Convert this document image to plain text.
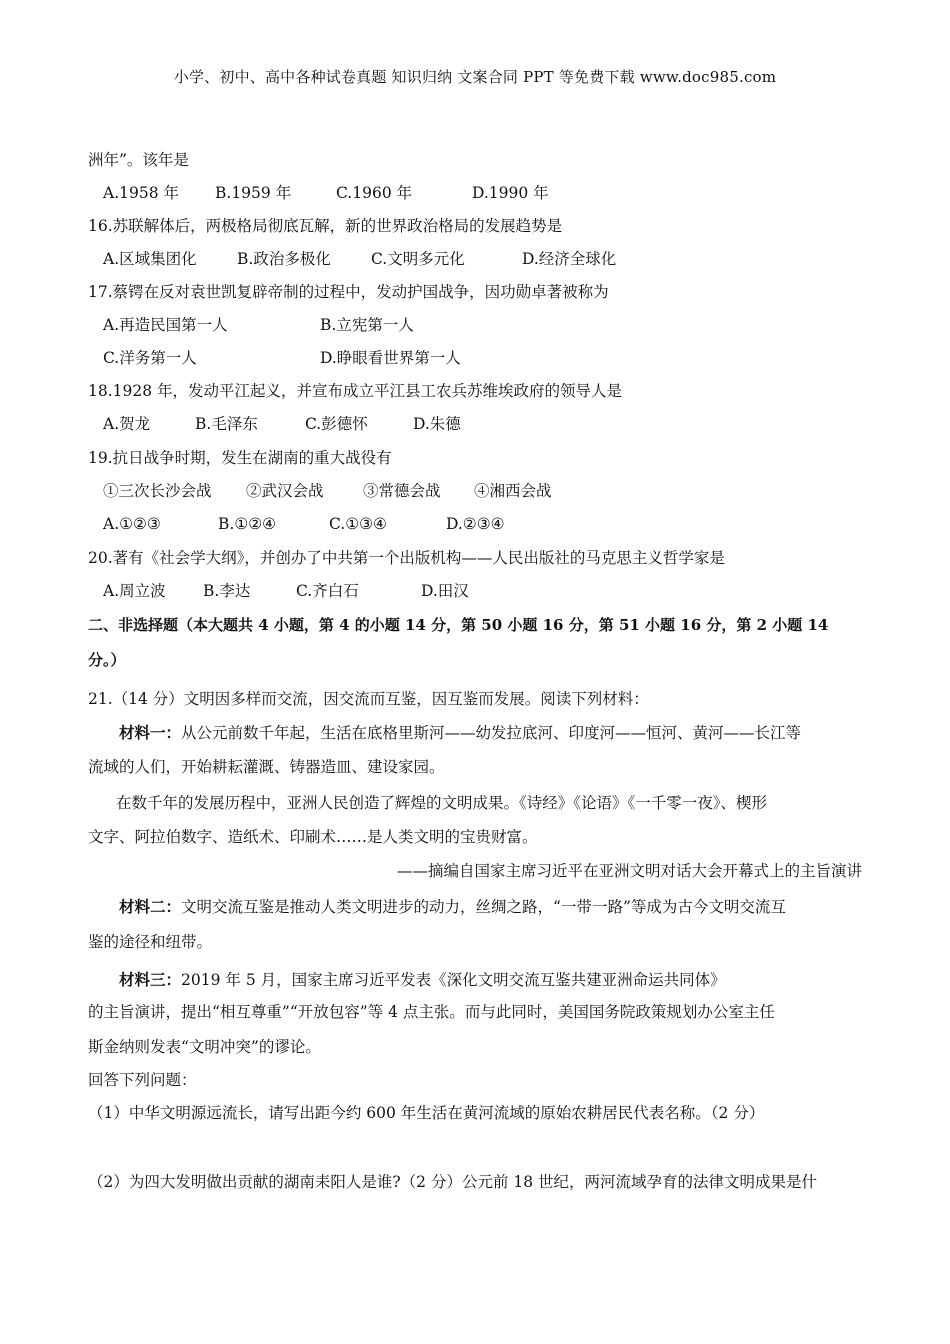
小学、初中、高中各种试卷真题 知识归纳 文案合同 PPT 等免费下载 www.doc985.com
洲年”。该年是
A.1958 年 B.1959 年	C.1960 年	D.1990 年
16.苏联解体后，两极格局彻底瓦解，新的世界政治格局的发展趋势是
A.区域集团化	B.政治多极化	C.文明多元化	D.经济全球化
17.蔡锷在反对袁世凯复辟帝制的过程中，发动护国战争，因功勋卓著被称为
A.再造民国第一人	B.立宪第一人
C.洋务第一人	D.睁眼看世界第一人
18.1928 年，发动平江起义，并宣布成立平江县工农兵苏维埃政府的领导人是
A.贺龙	B.毛泽东	C.彭德怀	D.朱德
19.抗日战争时期，发生在湖南的重大战役有
①三次长沙会战 ②武汉会战	③常德会战 ④湘西会战
A.①②③	B.①②④	C.①③④	D.②③④
20.著有《社会学大纲》，并创办了中共第一个出版机构——人民出版社的马克思主义哲学家是
A.周立波 B.李达	C.齐白石	D.田汉
二、非选择题（本大题共 4 小题，第 4 的小题 14 分，第 50 小题 16 分，第 51 小题 16 分，第 2 小题 14
分。）
21.（14 分）文明因多样而交流，因交流而互鉴，因互鉴而发展。阅读下列材料：
材料一：从公元前数千年起，生活在底格里斯河——幼发拉底河、印度河——恒河、黄河——长江等
流域的人们，开始耕耘灌溉、铸器造皿、建设家园。
在数千年的发展历程中，亚洲人民创造了辉煌的文明成果。《诗经》《论语》《一千零一夜》、楔形
文字、阿拉伯数字、造纸术、印刷术……是人类文明的宝贵财富。
——摘编自国家主席习近平在亚洲文明对话大会开幕式上的主旨演讲
材料二：文明交流互鉴是推动人类文明进步的动力，丝绸之路，“一带一路”等成为古今文明交流互
鉴的途径和纽带。
材料三：2019 年 5 月，国家主席习近平发表《深化文明交流互鉴共建亚洲命运共同体》
的主旨演讲，提出“相互尊重”“开放包容”等 4 点主张。而与此同时，美国国务院政策规划办公室主任
斯金纳则发表“文明冲突”的谬论。
回答下列问题：
（1）中华文明源远流长，请写出距今约 600 年生活在黄河流域的原始农耕居民代表名称。（2 分）
（2）为四大发明做出贡献的湖南耒阳人是谁?（2 分）公元前 18 世纪，两河流域孕育的法律文明成果是什
